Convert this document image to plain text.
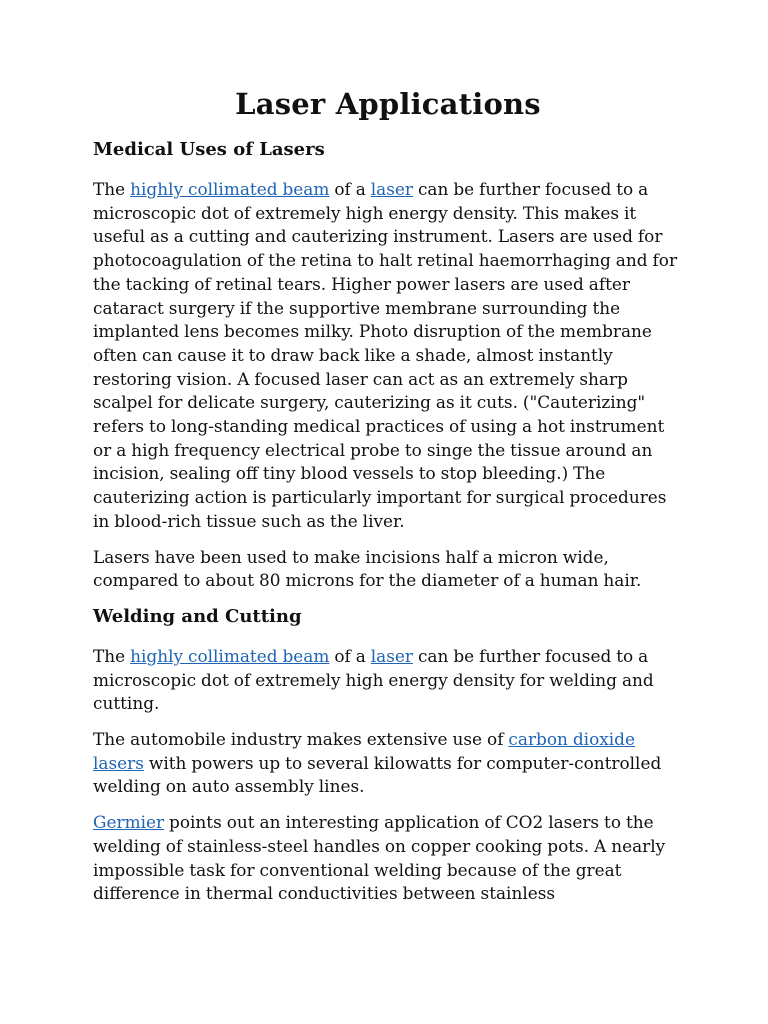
Laser Applications
Medical Uses of Lasers

The highly collimated beam of a laser can be further focused to a microscopic dot of extremely high energy density. This makes it useful as a cutting and cauterizing instrument. Lasers are used for photocoagulation of the retina to halt retinal haemorrhaging and for the tacking of retinal tears. Higher power lasers are used after cataract surgery if the supportive membrane surrounding the implanted lens becomes milky. Photo disruption of the membrane often can cause it to draw back like a shade, almost instantly restoring vision. A focused laser can act as an extremely sharp scalpel for delicate surgery, cauterizing as it cuts. ("Cauterizing" refers to long-standing medical practices of using a hot instrument or a high frequency electrical probe to singe the tissue around an incision, sealing off tiny blood vessels to stop bleeding.) The cauterizing action is particularly important for surgical procedures in blood-rich tissue such as the liver.

Lasers have been used to make incisions half a micron wide, compared to about 80 microns for the diameter of a human hair.

Welding and Cutting

The highly collimated beam of a laser can be further focused to a microscopic dot of extremely high energy density for welding and cutting.

The automobile industry makes extensive use of carbon dioxide lasers with powers up to several kilowatts for computer-controlled welding on auto assembly lines.

Germier points out an interesting application of CO2 lasers to the welding of stainless-steel handles on copper cooking pots. A nearly impossible task for conventional welding because of the great difference in thermal conductivities between stainless
